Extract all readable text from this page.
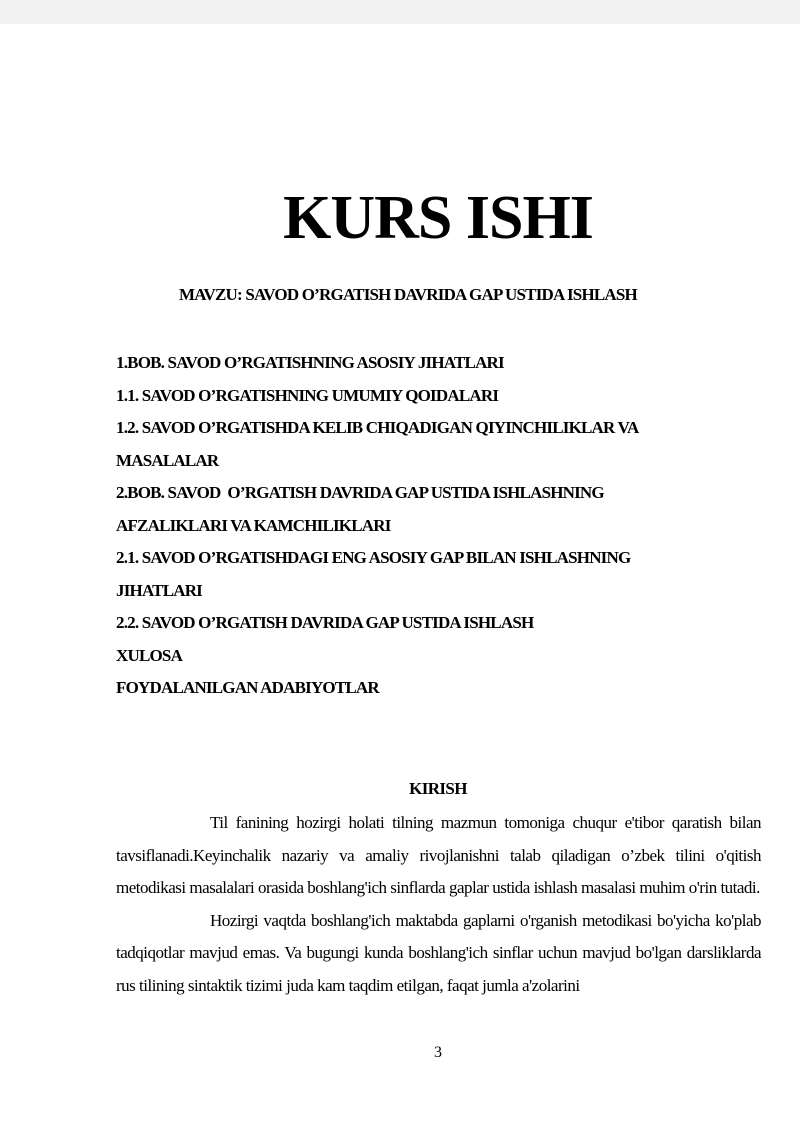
KURS ISHI
MAVZU: SAVOD O’RGATISH DAVRIDA GAP USTIDA ISHLASH
1.BOB. SAVOD O’RGATISHNING ASOSIY JIHATLARI
1.1. SAVOD O’RGATISHNING UMUMIY QOIDALARI
1.2. SAVOD O’RGATISHDA KELIB CHIQADIGAN QIYINCHILIKLAR VA
MASALALAR
2.BOB. SAVOD  O’RGATISH DAVRIDA GAP USTIDA ISHLASHNING
AFZALIKLARI VA KAMCHILIKLARI
2.1. SAVOD O’RGATISHDAGI ENG ASOSIY GAP BILAN ISHLASHNING
JIHATLARI
2.2. SAVOD O’RGATISH DAVRIDA GAP USTIDA ISHLASH
XULOSA
FOYDALANILGAN ADABIYOTLAR
KIRISH

Til fanining hozirgi holati tilning mazmun tomoniga chuqur e'tibor qaratish bilan tavsiflanadi.Keyinchalik nazariy va amaliy rivojlanishni talab qiladigan o’zbek tilini o'qitish metodikasi masalalari orasida boshlang'ich sinflarda gaplar ustida ishlash masalasi muhim o'rin tutadi.

Hozirgi vaqtda boshlang'ich maktabda gaplarni o'rganish metodikasi bo'yicha ko'plab tadqiqotlar mavjud emas. Va bugungi kunda boshlang'ich sinflar uchun mavjud bo'lgan darsliklarda rus tilining sintaktik tizimi juda kam taqdim etilgan, faqat jumla a'zolarini

3
